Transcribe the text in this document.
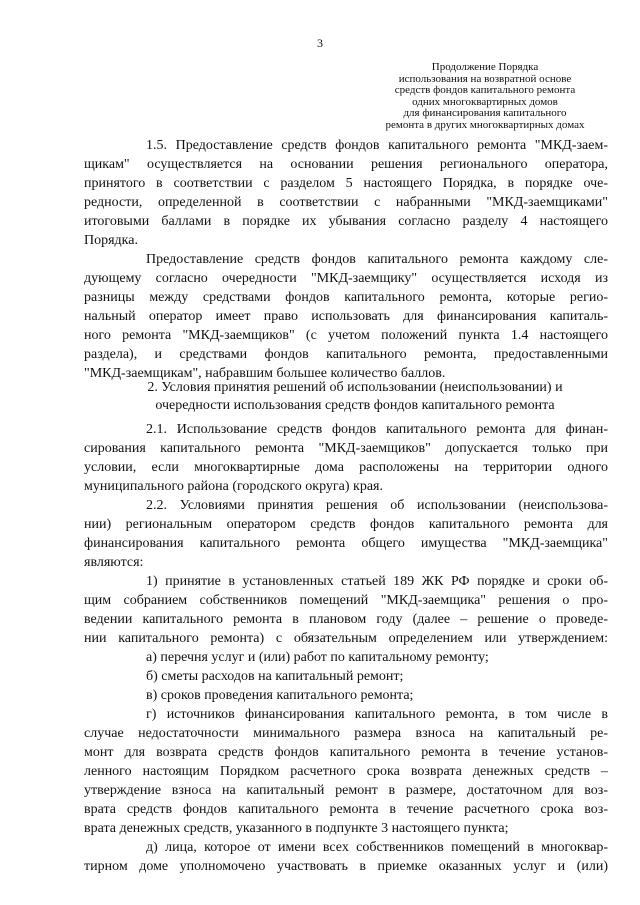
3
Продолжение Порядка
использования на возвратной основе
средств фондов капитального ремонта
одних многоквартирных домов
для финансирования капитального
ремонта в других многоквартирных домах
1.5. Предоставление средств фондов капитального ремонта "МКД-заем-
щикам" осуществляется на основании решения регионального оператора,
принятого в соответствии с разделом 5 настоящего Порядка, в порядке оче-
редности, определенной в соответствии с набранными "МКД-заемщиками"
итоговыми баллами в порядке их убывания согласно разделу 4 настоящего
Порядка.
Предоставление средств фондов капитального ремонта каждому сле-
дующему согласно очередности "МКД-заемщику" осуществляется исходя из
разницы между средствами фондов капитального ремонта, которые регио-
нальный оператор имеет право использовать для финансирования капиталь-
ного ремонта "МКД-заемщиков" (с учетом положений пункта 1.4 настоящего
раздела), и средствами фондов капитального ремонта, предоставленными
"МКД-заемщикам", набравшим большее количество баллов.
2. Условия принятия решений об использовании (неиспользовании) и
очередности использования средств фондов капитального ремонта
2.1. Использование средств фондов капитального ремонта для финан-
сирования капитального ремонта "МКД-заемщиков" допускается только при
условии, если многоквартирные дома расположены на территории одного
муниципального района (городского округа) края.
2.2. Условиями принятия решения об использовании (неиспользова-
нии) региональным оператором средств фондов капитального ремонта для
финансирования капитального ремонта общего имущества "МКД-заемщика"
являются:
1) принятие в установленных статьей 189 ЖК РФ порядке и сроки об-
щим собранием собственников помещений "МКД-заемщика" решения о про-
ведении капитального ремонта в плановом году (далее – решение о проведе-
нии капитального ремонта) с обязательным определением или утверждением:
а) перечня услуг и (или) работ по капитальному ремонту;
б) сметы расходов на капитальный ремонт;
в) сроков проведения капитального ремонта;
г) источников финансирования капитального ремонта, в том числе в
случае недостаточности минимального размера взноса на капитальный ре-
монт для возврата средств фондов капитального ремонта в течение установ-
ленного настоящим Порядком расчетного срока возврата денежных средств –
утверждение взноса на капитальный ремонт в размере, достаточном для воз-
врата средств фондов капитального ремонта в течение расчетного срока воз-
врата денежных средств, указанного в подпункте 3 настоящего пункта;
д) лица, которое от имени всех собственников помещений в многоквар-
тирном доме уполномочено участвовать в приемке оказанных услуг и (или)
